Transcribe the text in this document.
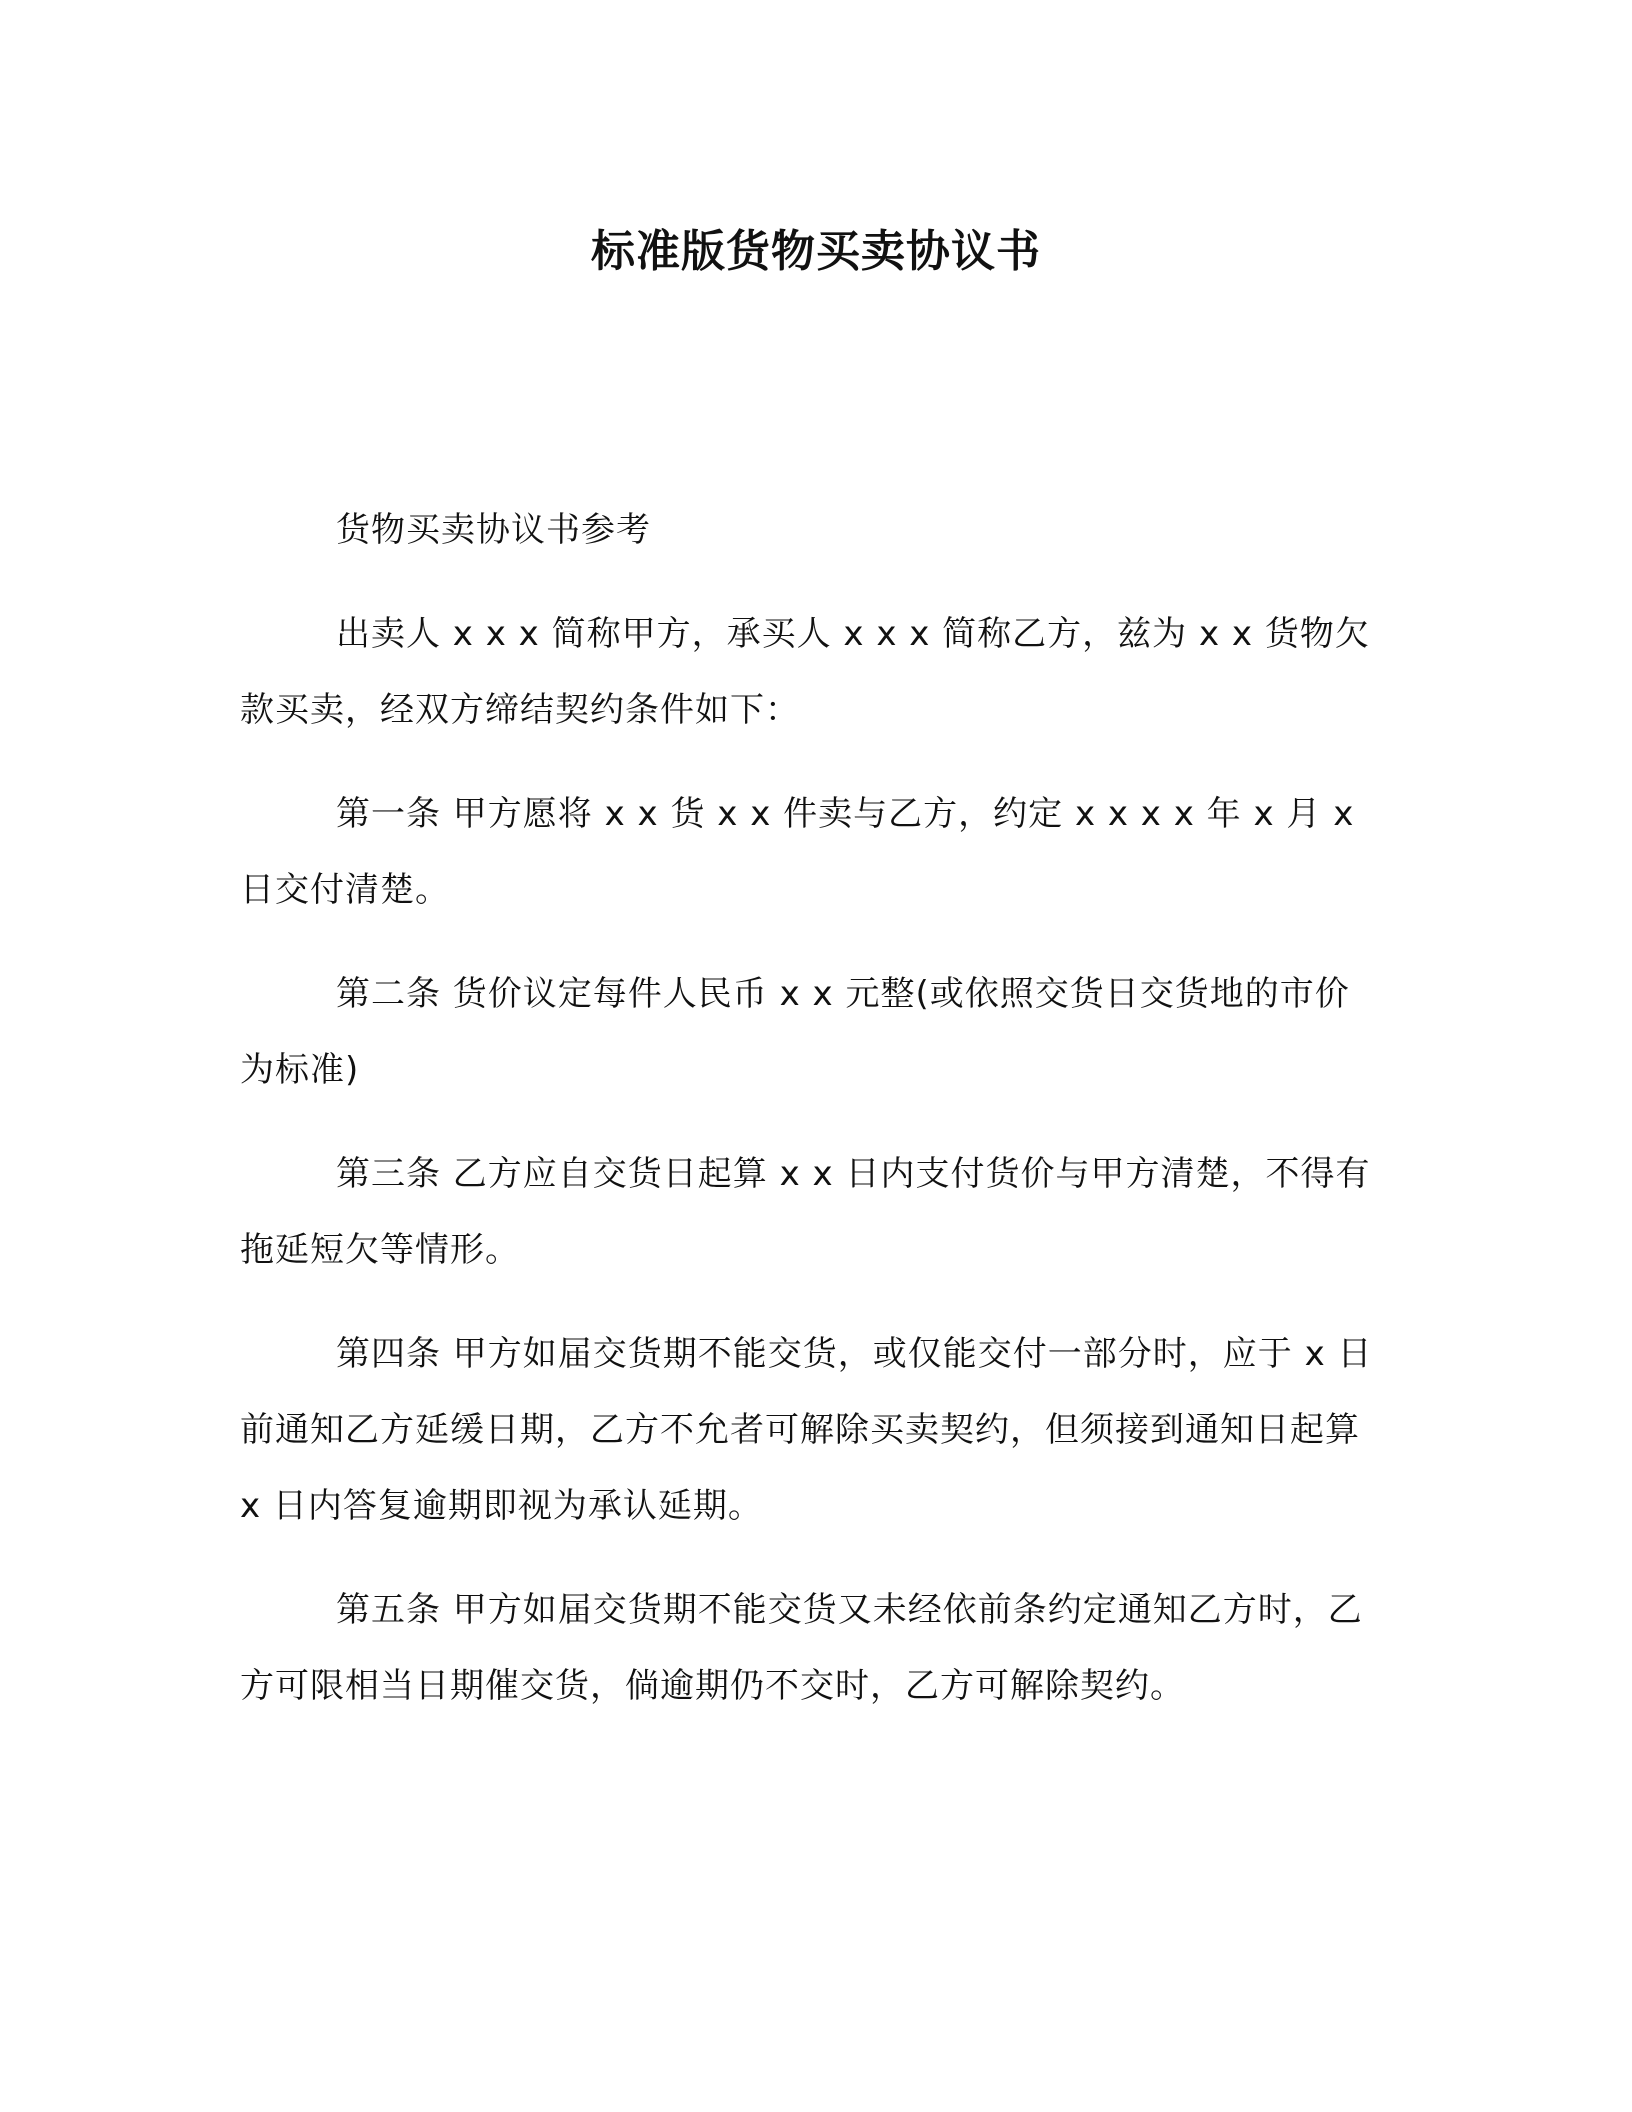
标准版货物买卖协议书

货物买卖协议书参考

出卖人 x x x 简称甲方，承买人 x x x 简称乙方，兹为 x x 货物欠款买卖，经双方缔结契约条件如下：

第一条 甲方愿将 x x 货 x x 件卖与乙方，约定 x x x x 年 x 月 x 日交付清楚。

第二条 货价议定每件人民币 x x 元整(或依照交货日交货地的市价为标准)

第三条 乙方应自交货日起算 x x 日内支付货价与甲方清楚，不得有拖延短欠等情形。

第四条 甲方如届交货期不能交货，或仅能交付一部分时，应于 x 日前通知乙方延缓日期，乙方不允者可解除买卖契约，但须接到通知日起算 x 日内答复逾期即视为承认延期。

第五条 甲方如届交货期不能交货又未经依前条约定通知乙方时，乙方可限相当日期催交货，倘逾期仍不交时，乙方可解除契约。
